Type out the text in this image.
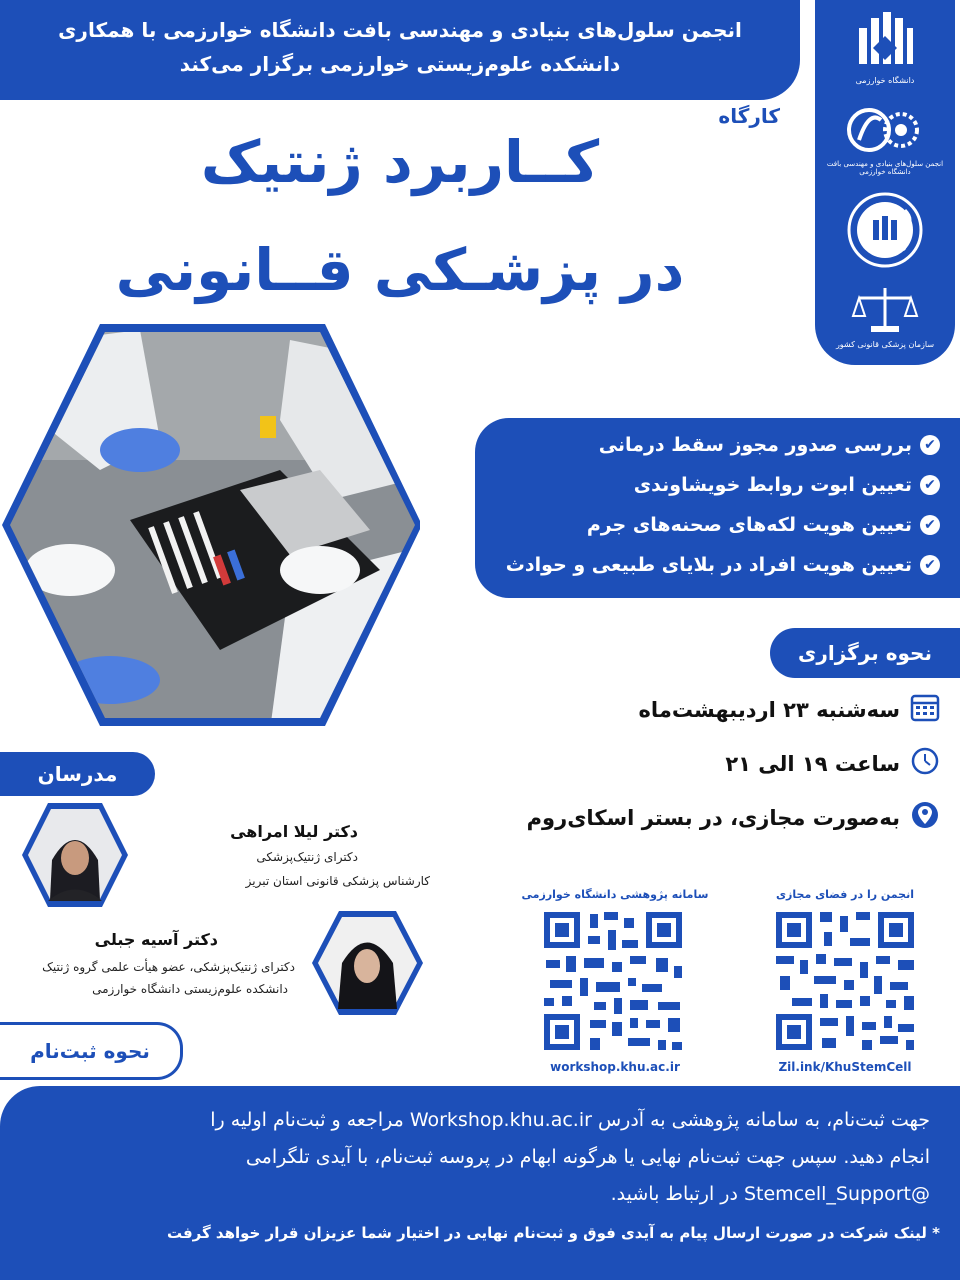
انجمن سلول‌های بنیادی و مهندسی بافت دانشگاه خوارزمی با همکاری
دانشکده علوم‌زیستی خوارزمی برگزار می‌کند
دانشگاه خوارزمی
انجمن سلول‌های بنیادی و مهندسی بافت دانشگاه خوارزمی
سازمان پزشکی قانونی کشور
کارگاه
کــاربرد ژنتیک
در پزشـکی قــانونی
✔
بررسی صدور مجوز سقط درمانی
✔
تعیین ابوت روابط خویشاوندی
✔
تعیین هویت لکه‌های صحنه‌های جرم
✔
تعیین هویت افراد در بلایای طبیعی و حوادث
نحوه برگزاری
سه‌شنبه ۲۳ اردیبهشت‌ماه
ساعت ۱۹ الی ۲۱
به‌صورت مجازی، در بستر اسکای‌روم
مدرسان
دکتر لیلا امراهی
دکترای ژنتیک‌پزشکی
کارشناس پزشکی قانونی استان تبریز
دکتر آسیه جبلی
دکترای ژنتیک‌پزشکی، عضو هیأت علمی گروه ژنتیک
دانشکده علوم‌زیستی دانشگاه خوارزمی
سامانه پژوهشی دانشگاه خوارزمی
workshop.khu.ac.ir
انجمن را در فضای مجازی
Zil.ink/KhuStemCell
نحوه ثبت‌نام
جهت ثبت‌نام، به سامانه پژوهشی به آدرس Workshop.khu.ac.ir مراجعه و ثبت‌نام اولیه را
انجام دهید. سپس جهت ثبت‌نام نهایی یا هرگونه ابهام در پروسه ثبت‌نام، با آیدی تلگرامی
@Stemcell_Support در ارتباط باشید.
* لینک شرکت در صورت ارسال پیام به آیدی فوق و ثبت‌نام نهایی در اختیار شما عزیزان قرار خواهد گرفت
